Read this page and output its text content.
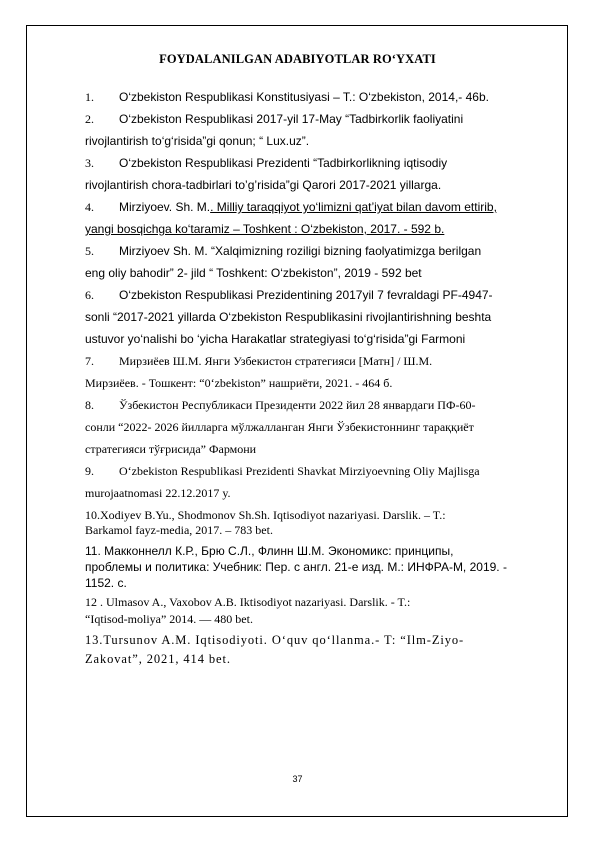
FOYDALANILGAN ADABIYOTLAR RO‘YXATI
1. O‘zbekiston Respublikasi Konstitusiyasi – T.: O‘zbekiston, 2014,- 46b.
2. O‘zbekiston Respublikasi 2017-yil 17-May “Tadbirkorlik faoliyatini
rivojlantirish to‘g‘risida”gi qonun; “ Lux.uz”.
3. O‘zbekiston Respublikasi Prezidenti “Tadbirkorlikning iqtisodiy
rivojlantirish chora-tadbirlari to’g’risida”gi Qarori 2017-2021 yillarga.
4. Mirziyoev. Sh. M.. Milliy taraqqiyot yo‘limizni qat’iyat bilan davom ettirib,
yangi bosqichga ko‘taramiz – Toshkent : O‘zbekiston, 2017. - 592 b.
5. Mirziyoev Sh. M. “Xalqimizning roziligi bizning faolyatimizga berilgan
eng oliy bahodir” 2- jild “ Toshkent: O‘zbekiston”, 2019 - 592 bet
6. O‘zbekiston Respublikasi Prezidentining 2017yil 7 fevraldagi PF-4947-
sonli “2017-2021 yillarda O‘zbekiston Respublikasini rivojlantirishning beshta
ustuvor yo‘nalishi bo ‘yicha Harakatlar strategiyasi to‘g‘risida”gi Farmoni
7. Мирзиёев Ш.М. Янги Узбекистон стратегияси [Матн] / Ш.М.
Мирзиёев. - Тошкент: “0‘zbekiston” нашриёти, 2021. - 464 б.
8. Ўзбекистон Республикаси Президенти 2022 йил 28 январдаги ПФ-60-
сонли “2022- 2026 йилларга мўлжалланган Янги Ўзбекистоннинг тараққиёт
стратегияси тўғрисида” Фармони
9. O‘zbekiston Respublikasi Prezidenti Shavkat Mirziyoevning Oliy Majlisga
murojaatnomasi 22.12.2017 y.
10.Xodiyev B.Yu., Shodmonov Sh.Sh. Iqtisodiyot nazariyasi. Darslik. – T.:
Barkamol fayz-media, 2017. – 783 bet.
11. Макконнелл К.Р., Брю С.Л., Флинн Ш.М. Экономикс: принципы,
проблемы и политика: Учебник: Пер. с англ. 21-е изд. М.: ИНФРА-М, 2019. -
1152. с.
12 . Ulmasov A., Vaxobov A.B. Iktisodiyot nazariyasi. Darslik. - T.:
“Iqtisod-moliya” 2014. — 480 bet.
13.Tursunov A.M. Iqtisodiyoti. O‘quv qo‘llanma.- T: “Ilm-Ziyo-
Zakovat”, 2021, 414 bet.
37
